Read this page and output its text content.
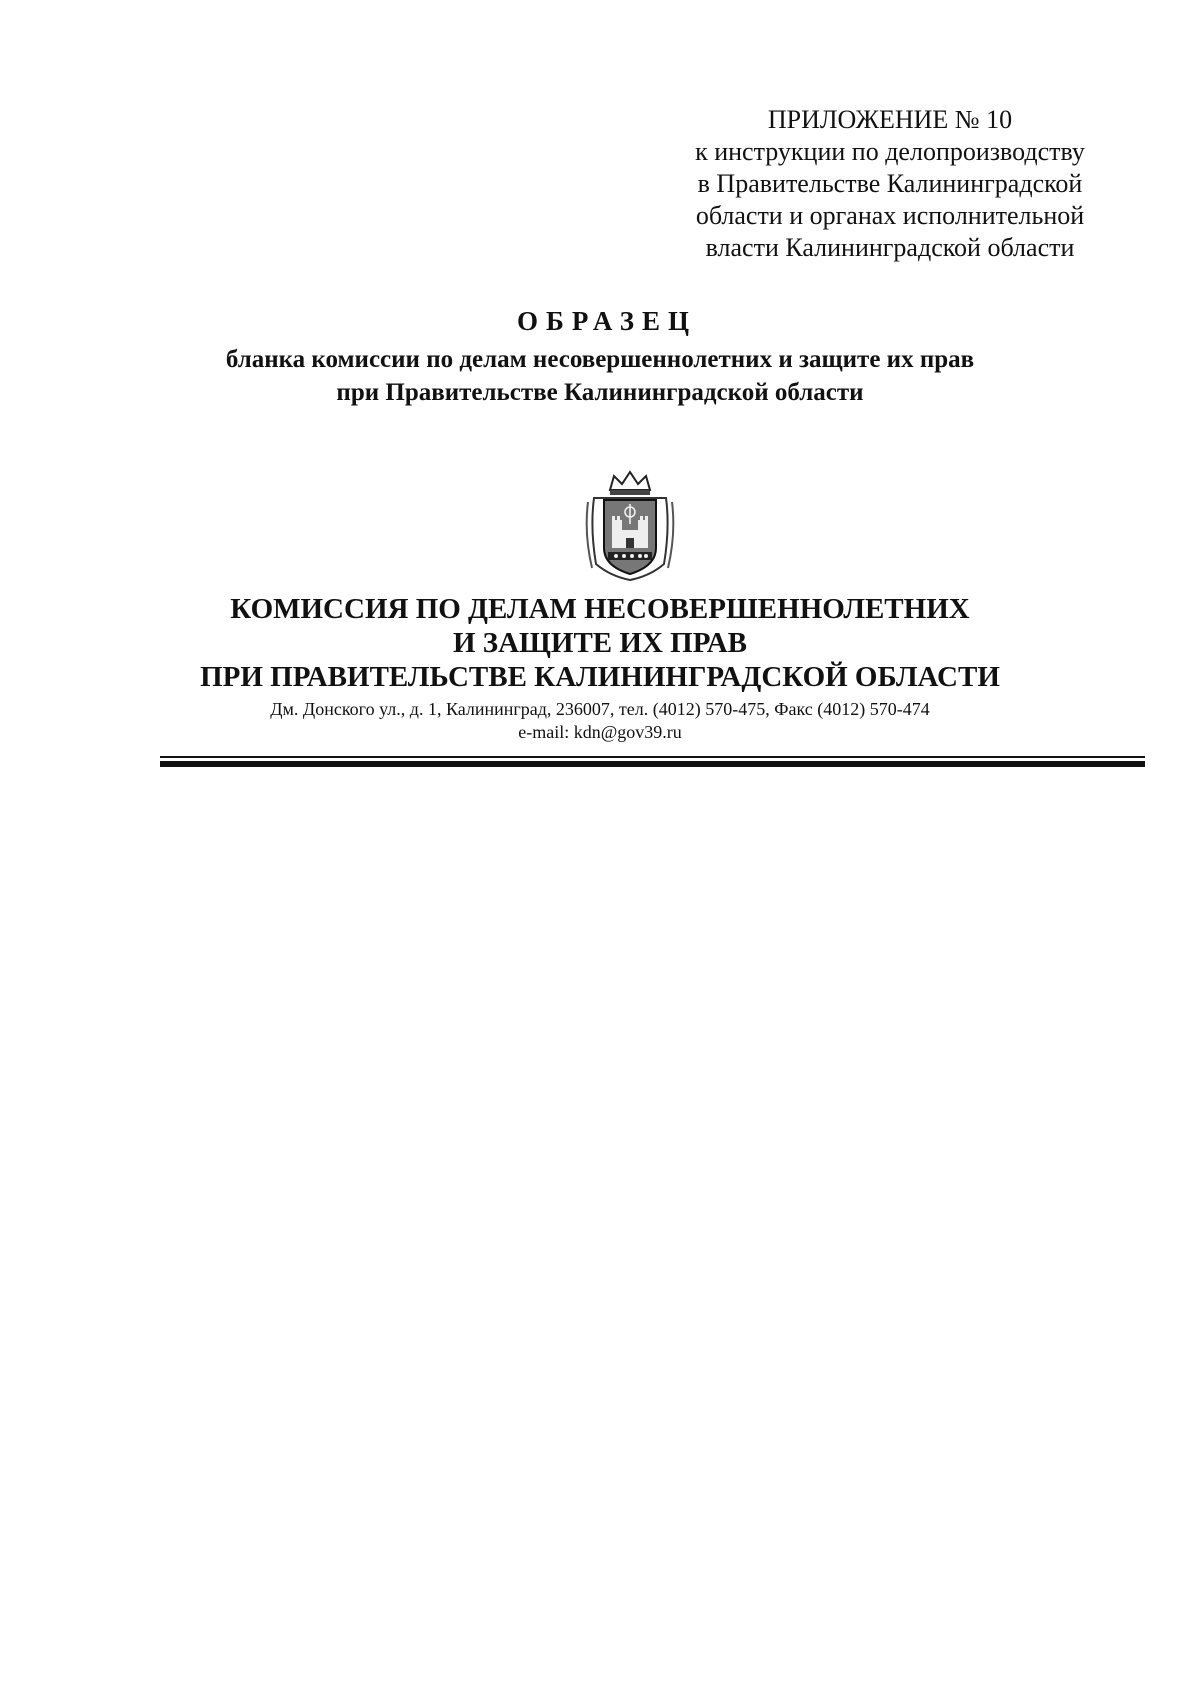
ПРИЛОЖЕНИЕ № 10
к инструкции по делопроизводству
в Правительстве Калининградской
области и органах исполнительной
власти Калининградской области
ОБРАЗЕЦ
бланка комиссии по делам несовершеннолетних и защите их прав
при Правительстве Калининградской области
КОМИССИЯ ПО ДЕЛАМ НЕСОВЕРШЕННОЛЕТНИХ
И ЗАЩИТЕ ИХ ПРАВ
ПРИ ПРАВИТЕЛЬСТВЕ КАЛИНИНГРАДСКОЙ ОБЛАСТИ
Дм. Донского ул., д. 1, Калининград, 236007, тел. (4012) 570-475, Факс (4012) 570-474
e-mail: kdn@gov39.ru
